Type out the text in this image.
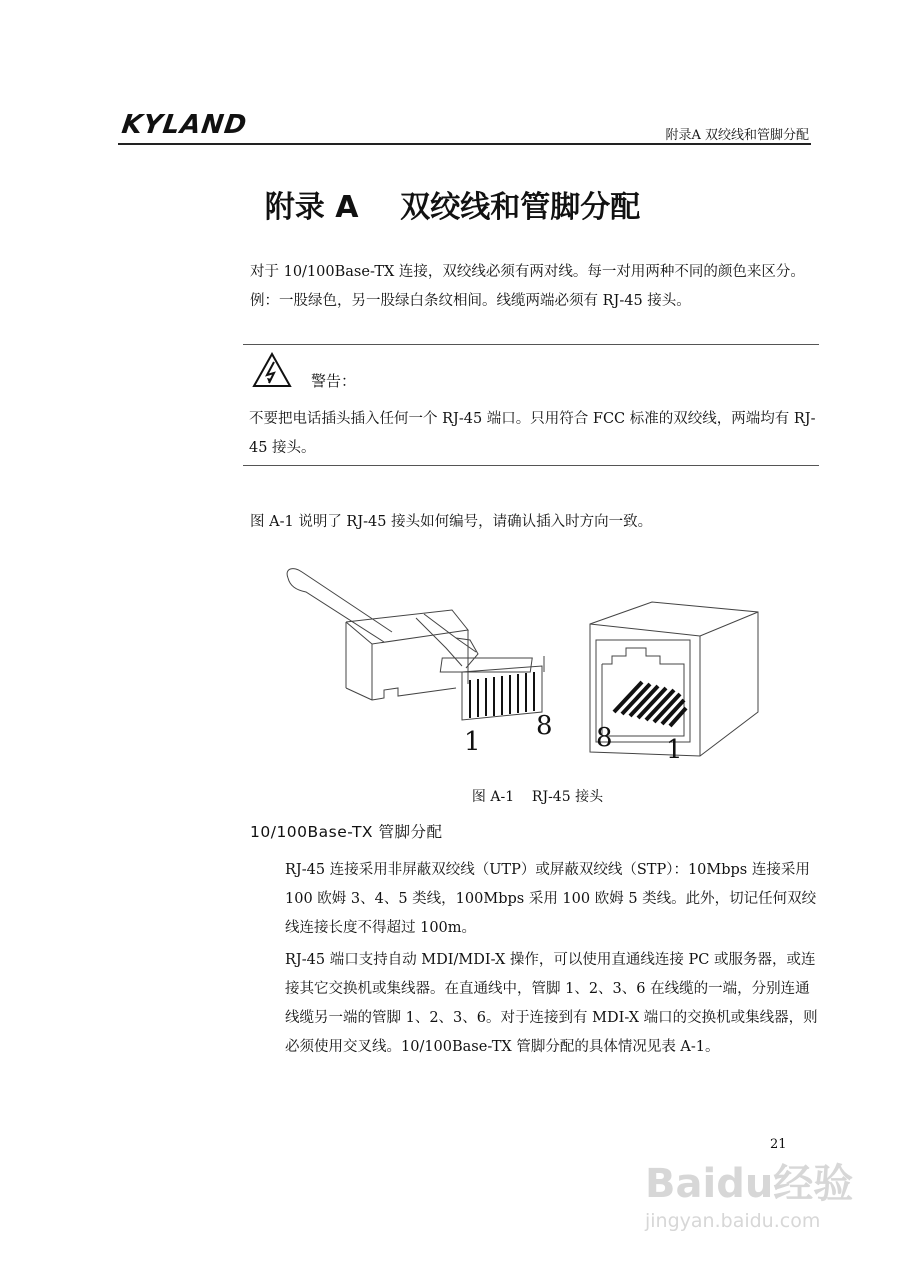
KYLAND	附录A 双绞线和管脚分配
附录 A    双绞线和管脚分配
对于 10/100Base-TX 连接，双绞线必须有两对线。每一对用两种不同的颜色来区分。例：一股绿色，另一股绿白条纹相间。线缆两端必须有 RJ-45 接头。
警告：
不要把电话插头插入任何一个 RJ-45 端口。只用符合 FCC 标准的双绞线，两端均有 RJ-45 接头。
图 A-1 说明了 RJ-45 接头如何编号，请确认插入时方向一致。
1
8 8 1
图 A-1    RJ-45 接头
10/100Base-TX 管脚分配
RJ-45 连接采用非屏蔽双绞线（UTP）或屏蔽双绞线（STP）：10Mbps 连接采用 100 欧姆 3、4、5 类线，100Mbps 采用 100 欧姆 5 类线。此外，切记任何双绞线连接长度不得超过 100m。
RJ-45 端口支持自动 MDI/MDI-X 操作，可以使用直通线连接 PC 或服务器，或连接其它交换机或集线器。在直通线中，管脚 1、2、3、6 在线缆的一端，分别连通线缆另一端的管脚 1、2、3、6。对于连接到有 MDI-X 端口的交换机或集线器，则必须使用交叉线。10/100Base-TX 管脚分配的具体情况见表 A-1。
21
Baidu经验
jingyan.baidu.com
